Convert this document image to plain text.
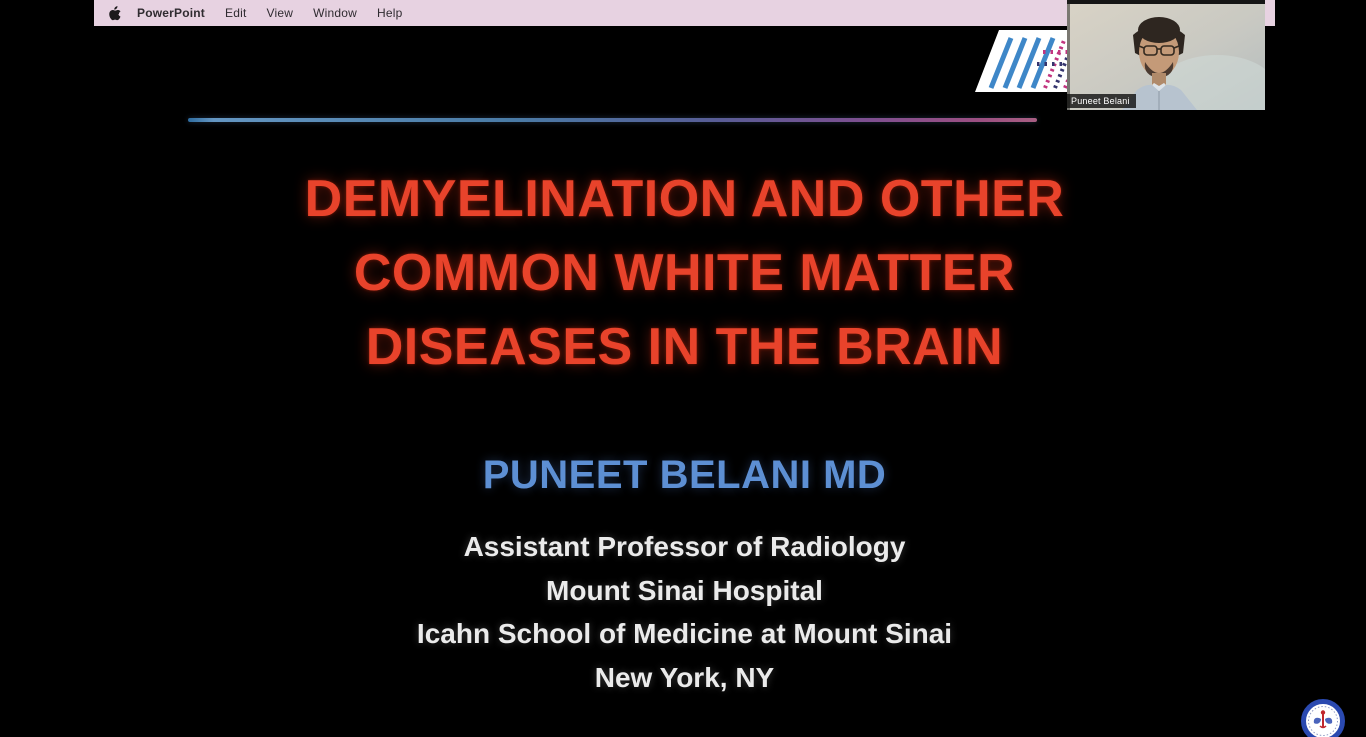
PowerPoint Edit View Window Help
DEMYELINATION AND OTHER
COMMON WHITE MATTER
DISEASES IN THE BRAIN
PUNEET BELANI MD
Assistant Professor of Radiology
Mount Sinai Hospital
Icahn School of Medicine at Mount Sinai
New York, NY
Puneet Belani
